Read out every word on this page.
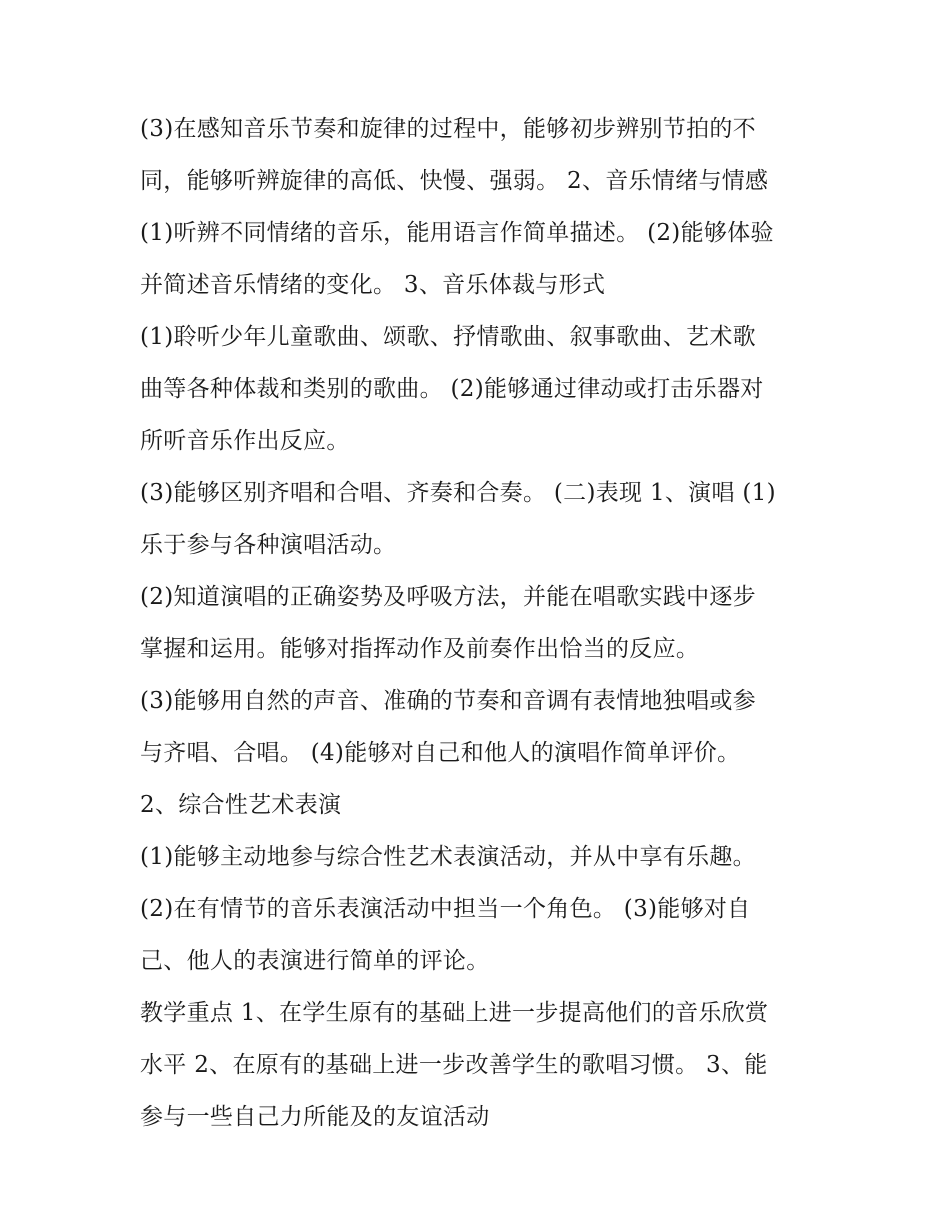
(3)在感知音乐节奏和旋律的过程中，能够初步辨别节拍的不
同，能够听辨旋律的高低、快慢、强弱。 2、音乐情绪与情感
(1)听辨不同情绪的音乐，能用语言作简单描述。 (2)能够体验
并简述音乐情绪的变化。 3、音乐体裁与形式
(1)聆听少年儿童歌曲、颂歌、抒情歌曲、叙事歌曲、艺术歌
曲等各种体裁和类别的歌曲。 (2)能够通过律动或打击乐器对
所听音乐作出反应。
(3)能够区别齐唱和合唱、齐奏和合奏。 (二)表现 1、演唱 (1)
乐于参与各种演唱活动。
(2)知道演唱的正确姿势及呼吸方法，并能在唱歌实践中逐步
掌握和运用。能够对指挥动作及前奏作出恰当的反应。
(3)能够用自然的声音、准确的节奏和音调有表情地独唱或参
与齐唱、合唱。 (4)能够对自己和他人的演唱作简单评价。
2、综合性艺术表演
(1)能够主动地参与综合性艺术表演活动，并从中享有乐趣。
(2)在有情节的音乐表演活动中担当一个角色。 (3)能够对自
己、他人的表演进行简单的评论。
教学重点 1、在学生原有的基础上进一步提高他们的音乐欣赏
水平 2、在原有的基础上进一步改善学生的歌唱习惯。 3、能
参与一些自己力所能及的友谊活动
